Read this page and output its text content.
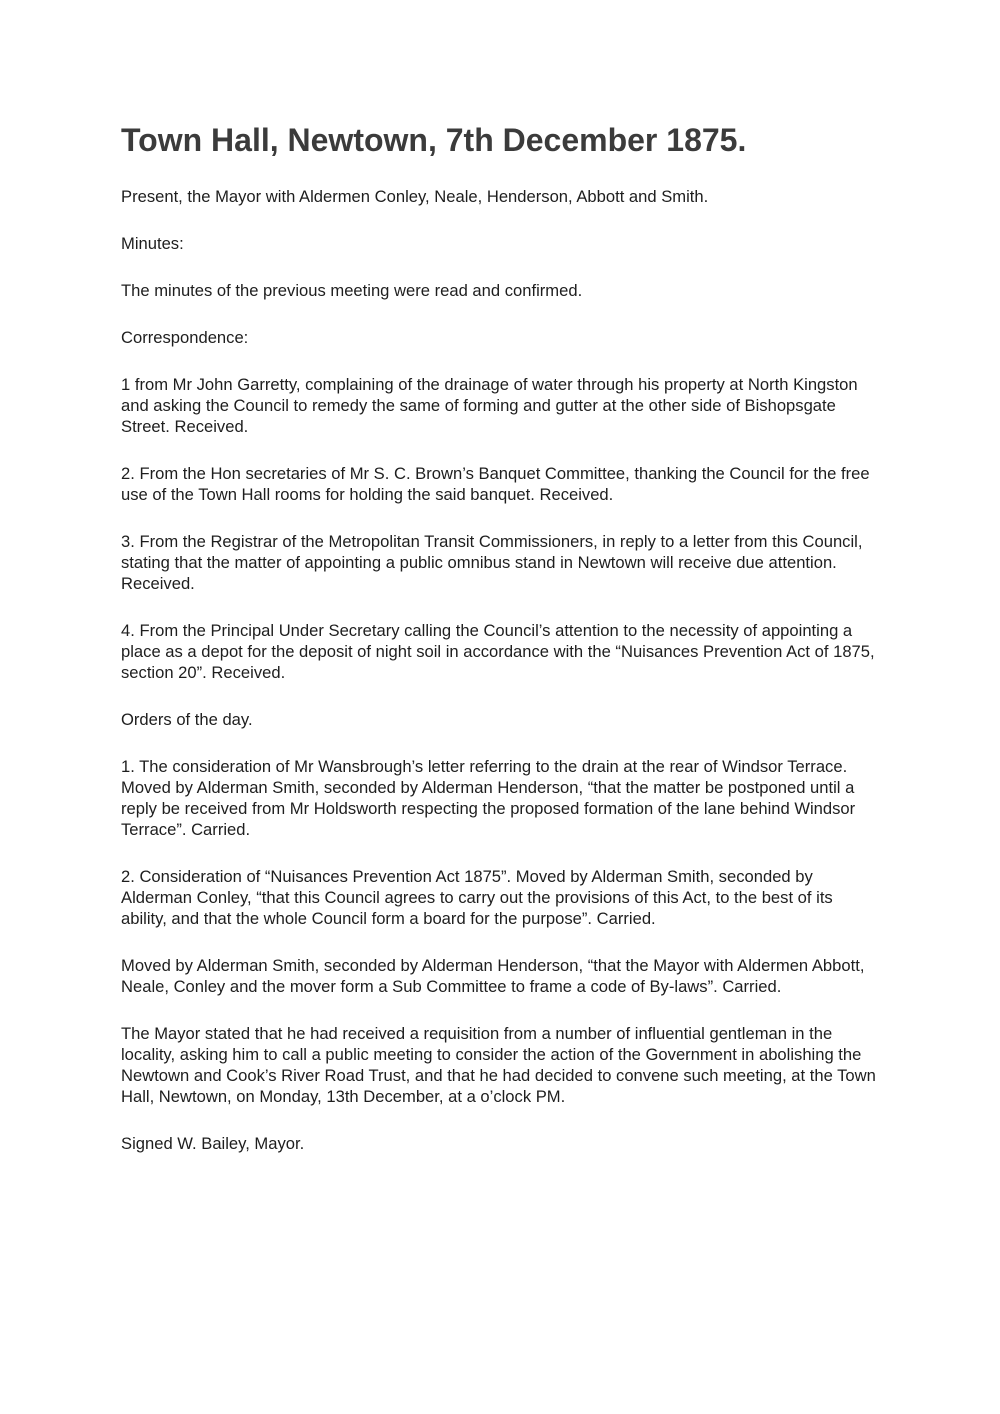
Town Hall, Newtown, 7th December 1875.

Present, the Mayor with Aldermen Conley, Neale, Henderson, Abbott and Smith.

Minutes:

The minutes of the previous meeting were read and confirmed.

Correspondence:

1 from Mr John Garretty, complaining of the drainage of water through his property at North Kingston and asking the Council to remedy the same of forming and gutter at the other side of Bishopsgate Street. Received.

2. From the Hon secretaries of Mr S. C. Brown’s Banquet Committee, thanking the Council for the free use of the Town Hall rooms for holding the said banquet. Received.

3. From the Registrar of the Metropolitan Transit Commissioners, in reply to a letter from this Council, stating that the matter of appointing a public omnibus stand in Newtown will receive due attention. Received.

4. From the Principal Under Secretary calling the Council’s attention to the necessity of appointing a place as a depot for the deposit of night soil in accordance with the “Nuisances Prevention Act of 1875, section 20”. Received.

Orders of the day.

1. The consideration of Mr Wansbrough’s letter referring to the drain at the rear of Windsor Terrace. Moved by Alderman Smith, seconded by Alderman Henderson, “that the matter be postponed until a reply be received from Mr Holdsworth respecting the proposed formation of the lane behind Windsor Terrace”. Carried.

2. Consideration of “Nuisances Prevention Act 1875”. Moved by Alderman Smith, seconded by Alderman Conley, “that this Council agrees to carry out the provisions of this Act, to the best of its ability, and that the whole Council form a board for the purpose”. Carried.

Moved by Alderman Smith, seconded by Alderman Henderson, “that the Mayor with Aldermen Abbott, Neale, Conley and the mover form a Sub Committee to frame a code of By-laws”. Carried.

The Mayor stated that he had received a requisition from a number of influential gentleman in the locality, asking him to call a public meeting to consider the action of the Government in abolishing the Newtown and Cook’s River Road Trust, and that he had decided to convene such meeting, at the Town Hall, Newtown, on Monday, 13th December, at a o’clock PM.

Signed W. Bailey, Mayor.
